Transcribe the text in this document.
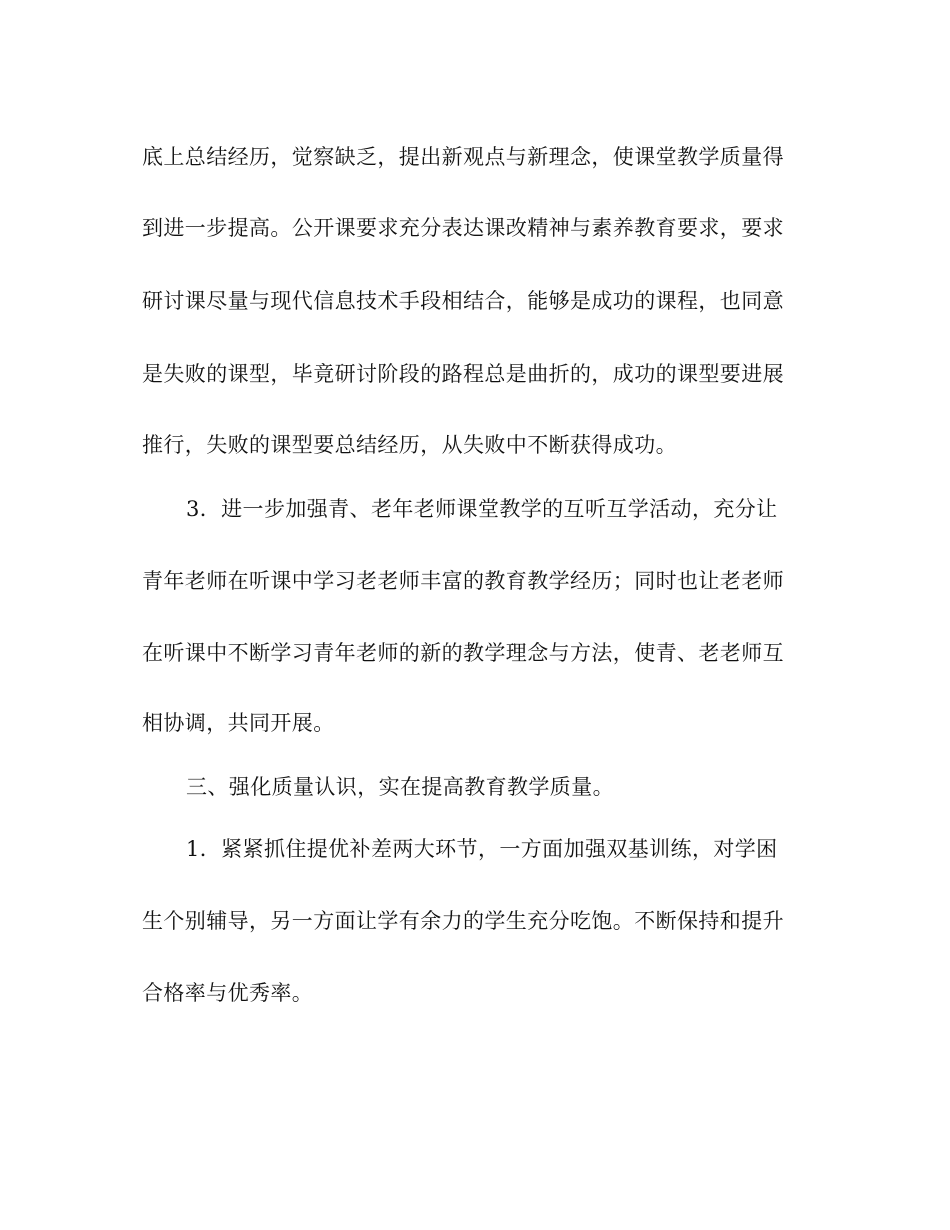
底上总结经历，觉察缺乏，提出新观点与新理念，使课堂教学质量得
到进一步提高。公开课要求充分表达课改精神与素养教育要求，要求
研讨课尽量与现代信息技术手段相结合，能够是成功的课程，也同意
是失败的课型，毕竟研讨阶段的路程总是曲折的，成功的课型要进展
推行，失败的课型要总结经历，从失败中不断获得成功。
3．进一步加强青、老年老师课堂教学的互听互学活动，充分让
青年老师在听课中学习老老师丰富的教育教学经历；同时也让老老师
在听课中不断学习青年老师的新的教学理念与方法，使青、老老师互
相协调，共同开展。
三、强化质量认识，实在提高教育教学质量。
1．紧紧抓住提优补差两大环节，一方面加强双基训练，对学困
生个别辅导，另一方面让学有余力的学生充分吃饱。不断保持和提升
合格率与优秀率。
